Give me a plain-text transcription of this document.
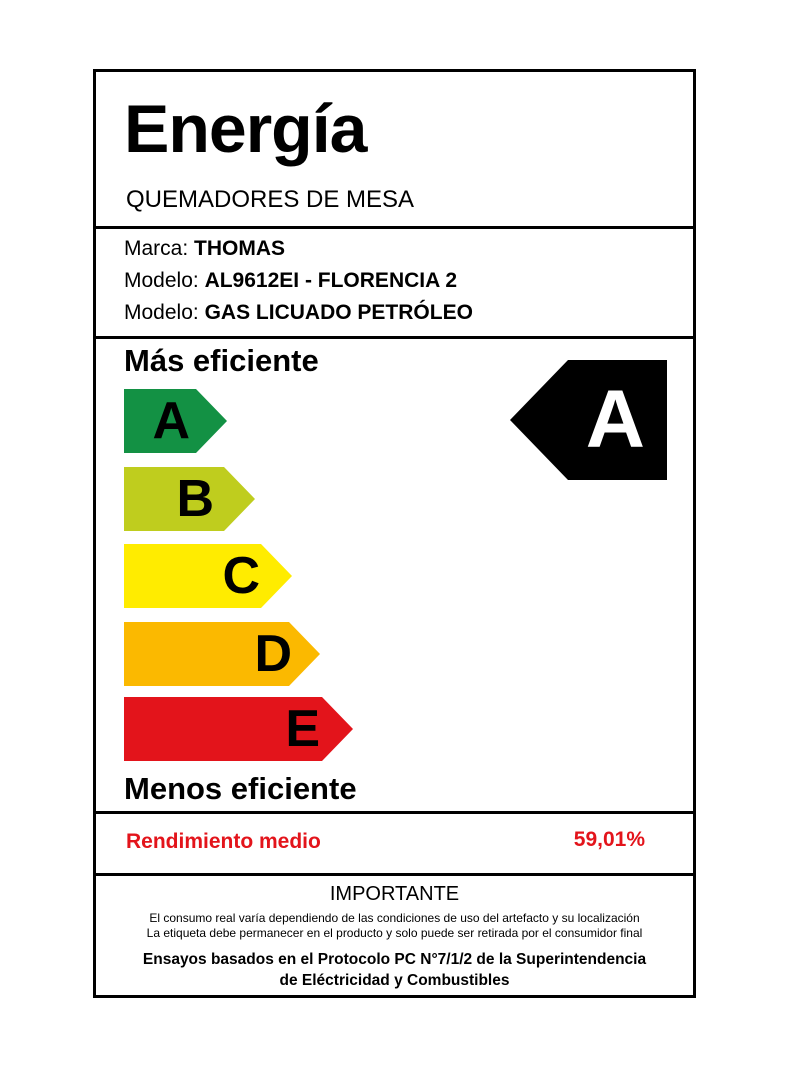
Energía
QUEMADORES DE MESA
Marca: THOMAS
Modelo: AL9612EI - FLORENCIA 2
Modelo: GAS LICUADO PETRÓLEO
Más eficiente
A
B
C
D
E
A
Menos eficiente
Rendimiento medio	59,01%
IMPORTANTE
El consumo real varía dependiendo de las condiciones de uso del artefacto y su localización
La etiqueta debe permanecer en el producto y solo puede ser retirada por el consumidor final
Ensayos basados en el Protocolo PC N°7/1/2 de la Superintendencia
de Eléctricidad y Combustibles
